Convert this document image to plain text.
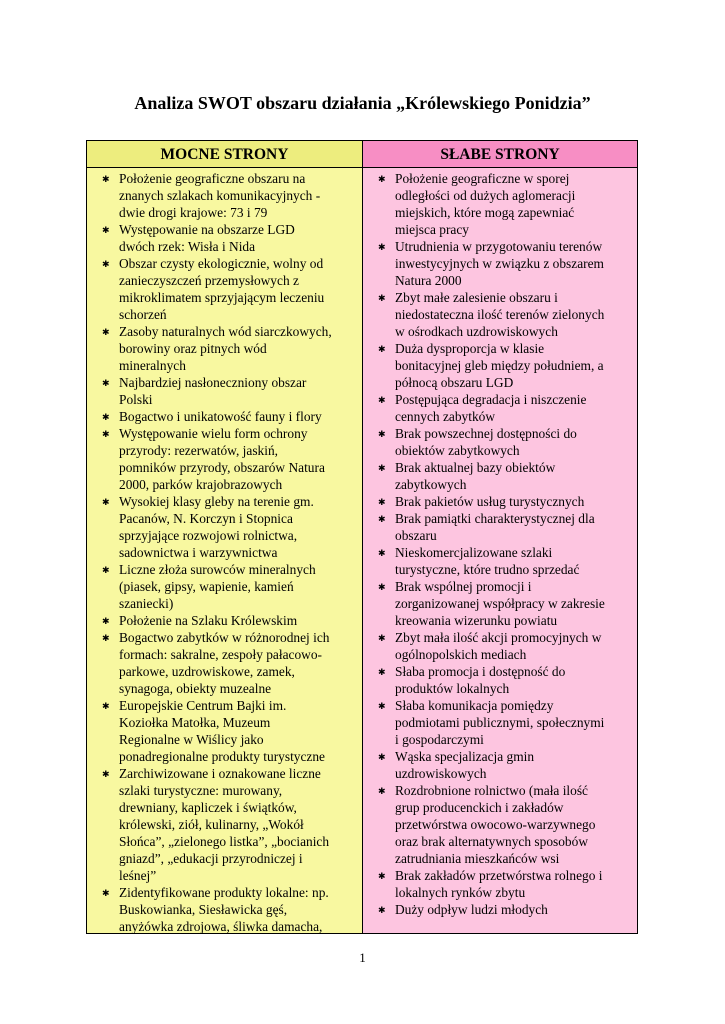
Analiza SWOT obszaru działania „Królewskiego Ponidzia”
MOCNE STRONY
✱ Położenie geograficzne obszaru na
znanych szlakach komunikacyjnych -
dwie drogi krajowe: 73 i 79
✱ Występowanie na obszarze LGD
dwóch rzek: Wisła i Nida
✱ Obszar czysty ekologicznie, wolny od
zanieczyszczeń przemysłowych z
mikroklimatem sprzyjającym leczeniu
schorzeń
✱ Zasoby naturalnych wód siarczkowych,
borowiny oraz pitnych wód
mineralnych
✱ Najbardziej nasłoneczniony obszar
Polski
✱ Bogactwo i unikatowość fauny i flory
✱ Występowanie wielu form ochrony
przyrody: rezerwatów, jaskiń,
pomników przyrody, obszarów Natura
2000, parków krajobrazowych
✱ Wysokiej klasy gleby na terenie gm.
Pacanów, N. Korczyn i Stopnica
sprzyjające rozwojowi rolnictwa,
sadownictwa i warzywnictwa
✱ Liczne złoża surowców mineralnych
(piasek, gipsy, wapienie, kamień
szaniecki)
✱ Położenie na Szlaku Królewskim
✱ Bogactwo zabytków w różnorodnej ich
formach: sakralne, zespoły pałacowo-
parkowe, uzdrowiskowe, zamek,
synagoga, obiekty muzealne
✱ Europejskie Centrum Bajki im.
Koziołka Matołka, Muzeum
Regionalne w Wiślicy jako
ponadregionalne produkty turystyczne
✱ Zarchiwizowane i oznakowane liczne
szlaki turystyczne: murowany,
drewniany, kapliczek i świątków,
królewski, ziół, kulinarny, „Wokół
Słońca”, „zielonego listka”, „bocianich
gniazd”, „edukacji przyrodniczej i
leśnej”
✱ Zidentyfikowane produkty lokalne: np.
Buskowianka, Siesławicka gęś,
anyżówka zdrojowa, śliwka damacha,
SŁABE STRONY
✱ Położenie geograficzne w sporej
odległości od dużych aglomeracji
miejskich, które mogą zapewniać
miejsca pracy
✱ Utrudnienia w przygotowaniu terenów
inwestycyjnych w związku z obszarem
Natura 2000
✱ Zbyt małe zalesienie obszaru i
niedostateczna ilość terenów zielonych
w ośrodkach uzdrowiskowych
✱ Duża dysproporcja w klasie
bonitacyjnej gleb między południem, a
północą obszaru LGD
✱ Postępująca degradacja i niszczenie
cennych zabytków
✱ Brak powszechnej dostępności do
obiektów zabytkowych
✱ Brak aktualnej bazy obiektów
zabytkowych
✱ Brak pakietów usług turystycznych
✱ Brak pamiątki charakterystycznej dla
obszaru
✱ Nieskomercjalizowane szlaki
turystyczne, które trudno sprzedać
✱ Brak wspólnej promocji i
zorganizowanej współpracy w zakresie
kreowania wizerunku powiatu
✱ Zbyt mała ilość akcji promocyjnych w
ogólnopolskich mediach
✱ Słaba promocja i dostępność do
produktów lokalnych
✱ Słaba komunikacja pomiędzy
podmiotami publicznymi, społecznymi
i gospodarczymi
✱ Wąska specjalizacja gmin
uzdrowiskowych
✱ Rozdrobnione rolnictwo (mała ilość
grup producenckich i zakładów
przetwórstwa owocowo-warzywnego
oraz brak alternatywnych sposobów
zatrudniania mieszkańców wsi
✱ Brak zakładów przetwórstwa rolnego i
lokalnych rynków zbytu
✱ Duży odpływ ludzi młodych
1
